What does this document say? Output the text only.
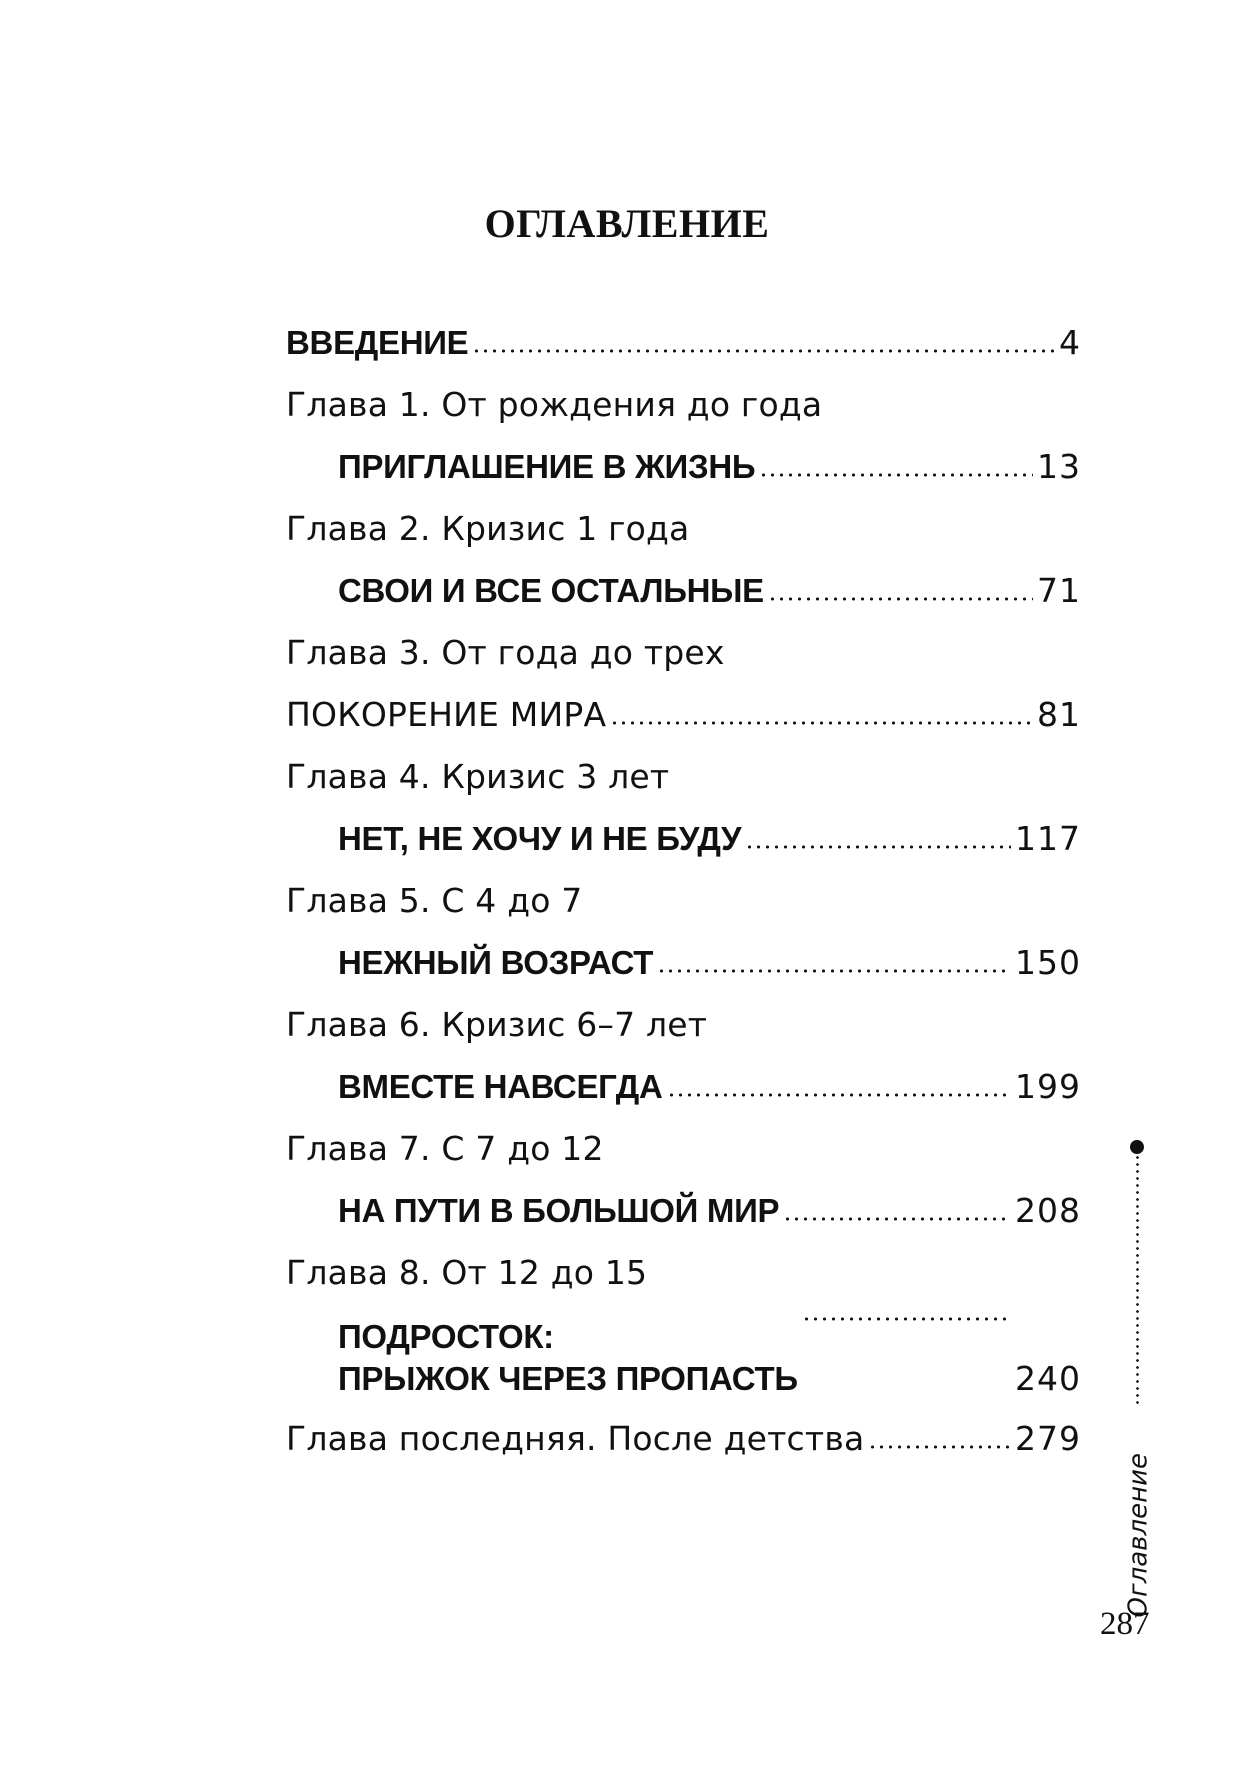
ОГЛАВЛЕНИЕ
ВВЕДЕНИЕ	4
Глава 1. От рождения до года
ПРИГЛАШЕНИЕ В ЖИЗНЬ	13
Глава 2. Кризис 1 года
СВОИ И ВСЕ ОСТАЛЬНЫЕ	71
Глава 3. От года до трех
ПОКОРЕНИЕ МИРА	81
Глава 4. Кризис 3 лет
НЕТ, НЕ ХОЧУ И НЕ БУДУ	117
Глава 5. С 4 до 7
НЕЖНЫЙ ВОЗРАСТ	150
Глава 6. Кризис 6–7 лет
ВМЕСТЕ НАВСЕГДА	199
Глава 7. С 7 до 12
НА ПУТИ В БОЛЬШОЙ МИР	208
Глава 8. От 12 до 15
ПОДРОСТОК:
ПРЫЖОК ЧЕРЕЗ ПРОПАСТЬ	240
Глава последняя. После детства	279
Оглавление
287
